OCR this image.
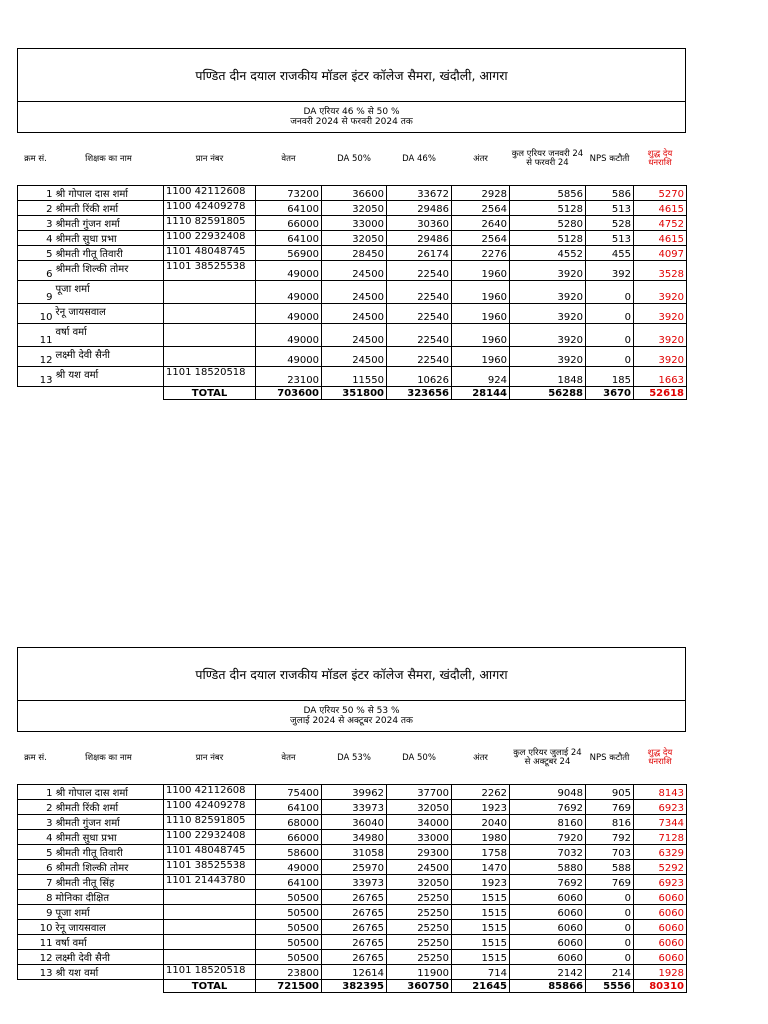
पण्डित दीन दयाल राजकीय मॉडल इंटर कॉलेज सैमरा, खंदौली, आगरा
DA एरियर 46 % से 50 %
जनवरी 2024 से फरवरी 2024 तक
क्रम सं.	शिक्षक का नाम	प्रान नंबर	वेतन	DA 50%	DA 46%	अंतर	कुल एरियर जनवरी 24 से फरवरी 24	NPS कटौती	शुद्ध देय धनराशि
1	श्री गोपाल दास शर्मा	1100 42112608	73200	36600	33672	2928	5856	586	5270
2	श्रीमती रिंकी शर्मा	1100 42409278	64100	32050	29486	2564	5128	513	4615
3	श्रीमती गुंजन शर्मा	1110 82591805	66000	33000	30360	2640	5280	528	4752
4	श्रीमती सुधा प्रभा	1100 22932408	64100	32050	29486	2564	5128	513	4615
5	श्रीमती गीतू तिवारी	1101 48048745	56900	28450	26174	2276	4552	455	4097
6	श्रीमती शिल्की तोमर	1101 38525538	49000	24500	22540	1960	3920	392	3528
9	पूजा शर्मा		49000	24500	22540	1960	3920	0	3920
10	रेनू जायसवाल		49000	24500	22540	1960	3920	0	3920
11	वर्षा वर्मा		49000	24500	22540	1960	3920	0	3920
12	लक्ष्मी देवी सैनी		49000	24500	22540	1960	3920	0	3920
13	श्री यश वर्मा	1101 18520518	23100	11550	10626	924	1848	185	1663
		TOTAL	703600	351800	323656	28144	56288	3670	52618
पण्डित दीन दयाल राजकीय मॉडल इंटर कॉलेज सैमरा, खंदौली, आगरा
DA एरियर 50 % से 53 %
जुलाई 2024 से अक्टूबर 2024 तक
क्रम सं.	शिक्षक का नाम	प्रान नंबर	वेतन	DA 53%	DA 50%	अंतर	कुल एरियर जुलाई 24 से अक्टूबर 24	NPS कटौती	शुद्ध देय धनराशि
1	श्री गोपाल दास शर्मा	1100 42112608	75400	39962	37700	2262	9048	905	8143
2	श्रीमती रिंकी शर्मा	1100 42409278	64100	33973	32050	1923	7692	769	6923
3	श्रीमती गुंजन शर्मा	1110 82591805	68000	36040	34000	2040	8160	816	7344
4	श्रीमती सुधा प्रभा	1100 22932408	66000	34980	33000	1980	7920	792	7128
5	श्रीमती गीतू तिवारी	1101 48048745	58600	31058	29300	1758	7032	703	6329
6	श्रीमती शिल्की तोमर	1101 38525538	49000	25970	24500	1470	5880	588	5292
7	श्रीमती नीतू सिंह	1101 21443780	64100	33973	32050	1923	7692	769	6923
8	मोनिका दीक्षित		50500	26765	25250	1515	6060	0	6060
9	पूजा शर्मा		50500	26765	25250	1515	6060	0	6060
10	रेनू जायसवाल		50500	26765	25250	1515	6060	0	6060
11	वर्षा वर्मा		50500	26765	25250	1515	6060	0	6060
12	लक्ष्मी देवी सैनी		50500	26765	25250	1515	6060	0	6060
13	श्री यश वर्मा	1101 18520518	23800	12614	11900	714	2142	214	1928
		TOTAL	721500	382395	360750	21645	85866	5556	80310
